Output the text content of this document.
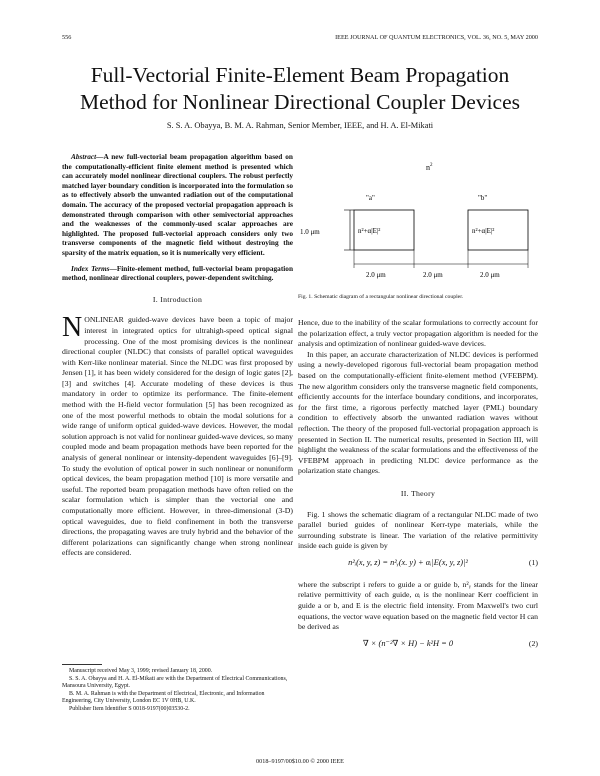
556	IEEE JOURNAL OF QUANTUM ELECTRONICS, VOL. 36, NO. 5, MAY 2000
Full-Vectorial Finite-Element Beam Propagation
Method for Nonlinear Directional Coupler Devices
S. S. A. Obayya, B. M. A. Rahman, Senior Member, IEEE, and H. A. El-Mikati
Abstract—A new full-vectorial beam propagation algorithm based on the computationally-efficient finite element method is presented which can accurately model nonlinear directional couplers. The robust perfectly matched layer boundary condition is incorporated into the formulation so as to effectively absorb the unwanted radiation out of the computational domain. The accuracy of the proposed vectorial propagation approach is demonstrated through comparison with other semivectorial approaches and the weaknesses of the commonly-used scalar approaches are highlighted. The proposed full-vectorial approach considers only two transverse components of the magnetic field without destroying the sparsity of the matrix equation, so it is numerically very efficient.
Index Terms—Finite-element method, full-vectorial beam propagation method, nonlinear directional couplers, power-dependent switching.
I. Introduction
NONLINEAR guided-wave devices have been a topic of major interest in integrated optics for ultrahigh-speed optical signal processing. One of the most promising devices is the nonlinear directional coupler (NLDC) that consists of parallel optical waveguides with Kerr-like nonlinear material. Since the NLDC was first proposed by Jensen [1], it has been widely considered for the design of logic gates [2], [3] and switches [4]. Accurate modeling of these devices is thus mandatory in order to optimize its performance. The finite-element method with the H-field vector formulation [5] has been recognized as one of the most powerful methods to obtain the modal solutions for a wide range of uniform optical guided-wave devices. However, the modal solution approach is not valid for nonlinear guided-wave devices, so many coupled mode and beam propagation methods have been reported for the analysis of general nonlinear or intensity-dependent waveguides [6]–[9]. To study the evolution of optical power in such nonlinear or nonuniform optical devices, the beam propagation method [10] is more versatile and useful. The reported beam propagation methods have often relied on the scalar formulation which is simpler than the vectorial one and computationally more efficient. However, in three-dimensional (3-D) optical waveguides, due to field confinement in both the transverse directions, the propagating waves are truly hybrid and the behavior of the different polarizations can significantly change when strong nonlinear effects are considered.

Manuscript received May 3, 1999; revised January 18, 2000.

S. S. A. Obayya and H. A. El-Mikati are with the Department of Electrical Communications, Mansoura University, Egypt.

B. M. A. Rahman is with the Department of Electrical, Electronic, and Information Engineering, City University, London EC 1V 0HB, U.K.

Publisher Item Identifier S 0018-9197(00)03530-2.

$n^2$
"a"	"b"
1.0 μm	n²+α|E|²	n²+α|E|²
2.0 μm	2.0 μm	2.0 μm
Fig. 1. Schematic diagram of a rectangular nonlinear directional coupler.

Hence, due to the inability of the scalar formulations to correctly account for the polarization effect, a truly vector propagation algorithm is needed for the analysis and optimization of nonlinear guided-wave devices.

In this paper, an accurate characterization of NLDC devices is performed using a newly-developed rigorous full-vectorial beam propagation method based on the computationally-efficient finite-element method (VFEBPM). The new algorithm considers only the transverse magnetic field components, efficiently accounts for the interface boundary conditions, and incorporates, for the first time, a rigorous perfectly matched layer (PML) boundary condition to effectively absorb the unwanted radiation waves without reflection. The theory of the proposed full-vectorial propagation approach is presented in Section II. The numerical results, presented in Section III, will highlight the weakness of the scalar formulations and the effectiveness of the VFEBPM approach in predicting NLDC device performance as the polarization state changes.

II. Theory

Fig. 1 shows the schematic diagram of a rectangular NLDC made of two parallel buried guides of nonlinear Kerr-type materials, while the surrounding substrate is linear. The variation of the relative permittivity inside each guide is given by

n²ᵢ(x, y, z) = n²ᵧ(x. y) + αᵢ|E(x, y, z)|²	(1)

where the subscript i refers to guide a or guide b, n²ᵧ stands for the linear relative permittivity of each guide, αᵢ is the nonlinear Kerr coefficient in guide a or b, and E is the electric field intensity. From Maxwell's two curl equations, the vector wave equation based on the magnetic field vector H can be derived as

∇ × (n⁻²∇ × H) − k²H = 0	(2)
0018–9197/00$10.00 © 2000 IEEE
